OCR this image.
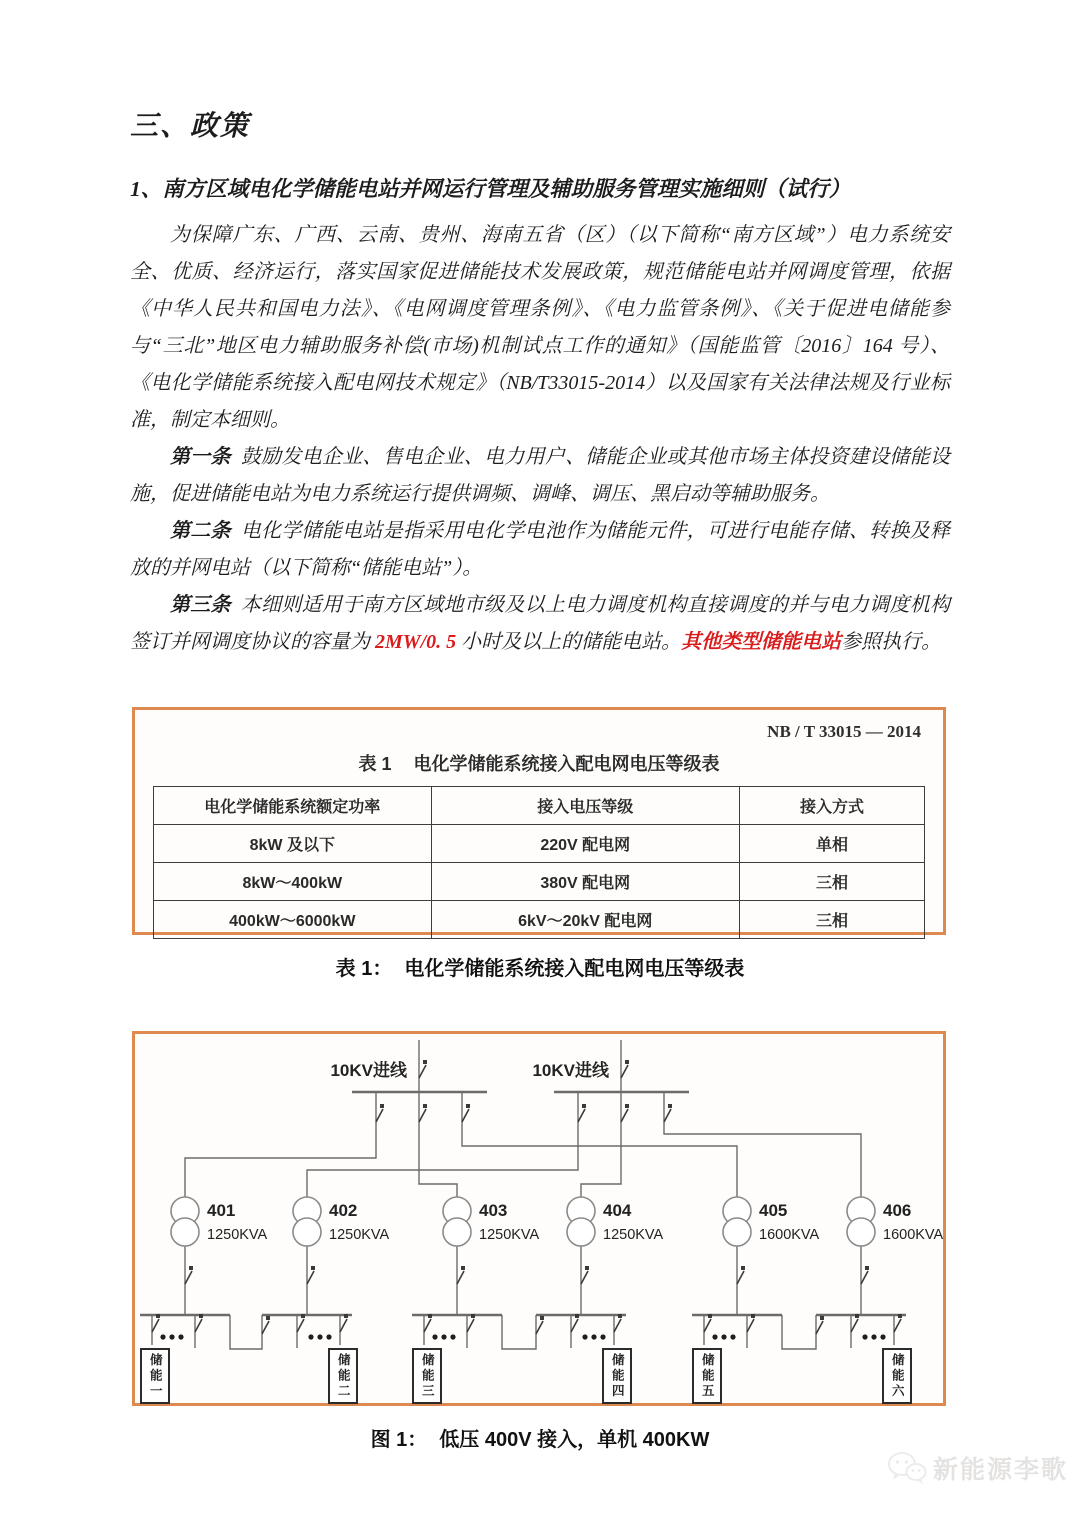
三、政策
1、南方区域电化学储能电站并网运行管理及辅助服务管理实施细则（试行）

为保障广东、广西、云南、贵州、海南五省（区）（以下简称“南方区域”）电力系统安全、优质、经济运行，落实国家促进储能技术发展政策，规范储能电站并网调度管理，依据《中华人民共和国电力法》、《电网调度管理条例》、《电力监管条例》、《关于促进电储能参与“三北”地区电力辅助服务补偿(市场)机制试点工作的通知》（国能监管〔2016〕164 号）、《电化学储能系统接入配电网技术规定》（NB/T33015-2014）以及国家有关法律法规及行业标准，制定本细则。

第一条 鼓励发电企业、售电企业、电力用户、储能企业或其他市场主体投资建设储能设施，促进储能电站为电力系统运行提供调频、调峰、调压、黑启动等辅助服务。

第二条 电化学储能电站是指采用电化学电池作为储能元件，可进行电能存储、转换及释放的并网电站（以下简称“储能电站”）。

第三条 本细则适用于南方区域地市级及以上电力调度机构直接调度的并与电力调度机构签订并网调度协议的容量为 2MW/0. 5 小时及以上的储能电站。其他类型储能电站参照执行。

NB / T 33015 — 2014
表 1 电化学储能系统接入配电网电压等级表
电化学储能系统额定功率	接入电压等级	接入方式
8kW 及以下	220V 配电网	单相
8kW～400kW	380V 配电网	三相
400kW～6000kW	6kV～20kV 配电网	三相
表 1： 电化学储能系统接入配电网电压等级表
10KV进线	10KV进线
401
1250KVA
402
1250KVA
403
1250KVA
404
1250KVA
405
1600KVA
406
1600KVA
储能一	储能二	储能三	储能四	储能五	储能六
图 1： 低压 400V 接入，单机 400KW
新能源李歌
